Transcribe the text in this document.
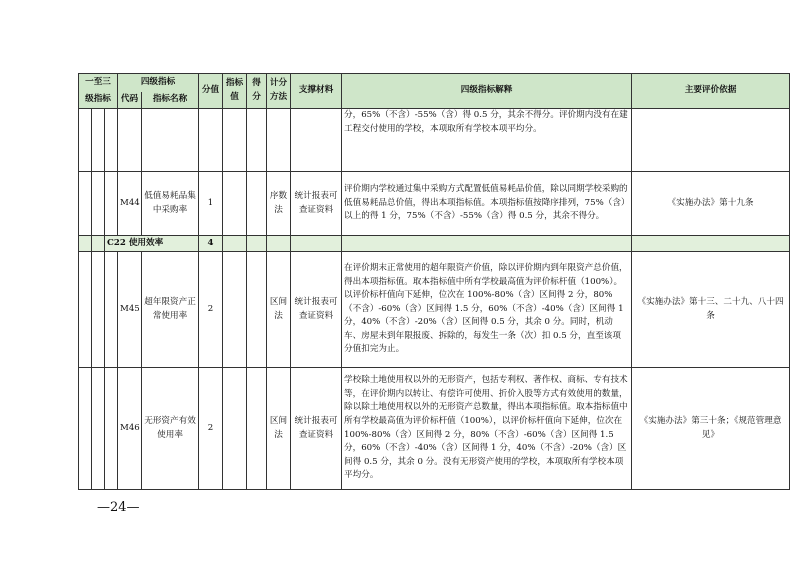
一至三			四级指标		分值	指标值	得分	计分方法	支撑材料	四级指标解释	主要评价依据
级指标			代码	指标名称							
										分，65%（不含）-55%（含）得 0.5 分，其余不得分。评价期内没有在建工程交付使用的学校，本项取所有学校本项平均分。	
			M44	低值易耗品集中采购率	1			序数法	统计报表可查证资料	评价期内学校通过集中采购方式配置低值易耗品价值，除以同期学校采购的低值易耗品总价值，得出本项指标值。本项指标值按降序排列，75%（含）以上的得 1 分，75%（不含）-55%（含）得 0.5 分，其余不得分。	《实施办法》第十九条
		C22 使用效率			4						
			M45	超年限资产正常使用率	2			区间法	统计报表可查证资料	在评价期末正常使用的超年限资产价值，除以评价期内到年限资产总价值，得出本项指标值。取本指标值中所有学校最高值为评价标杆值（100%）。以评价标杆值向下延伸，位次在 100%-80%（含）区间得 2 分，80%（不含）-60%（含）区间得 1.5 分，60%（不含）-40%（含）区间得 1 分，40%（不含）-20%（含）区间得 0.5 分，其余 0 分。同时，机动车、房屋未到年限报废、拆除的，每发生一条（次）扣 0.5 分，直至该项分值扣完为止。	《实施办法》第十三、二十九、八十四条
			M46	无形资产有效使用率	2			区间法	统计报表可查证资料	学校除土地使用权以外的无形资产，包括专利权、著作权、商标、专有技术等，在评价期内以转让、有偿许可使用、折价入股等方式有效使用的数量，除以除土地使用权以外的无形资产总数量，得出本项指标值。取本指标值中所有学校最高值为评价标杆值（100%），以评价标杆值向下延伸，位次在 100%-80%（含）区间得 2 分，80%（不含）-60%（含）区间得 1.5 分，60%（不含）-40%（含）区间得 1 分，40%（不含）-20%（含）区间得 0.5 分，其余 0 分。没有无形资产使用的学校，本项取所有学校本项平均分。	《实施办法》第三十条；《规范管理意见》
—24—
